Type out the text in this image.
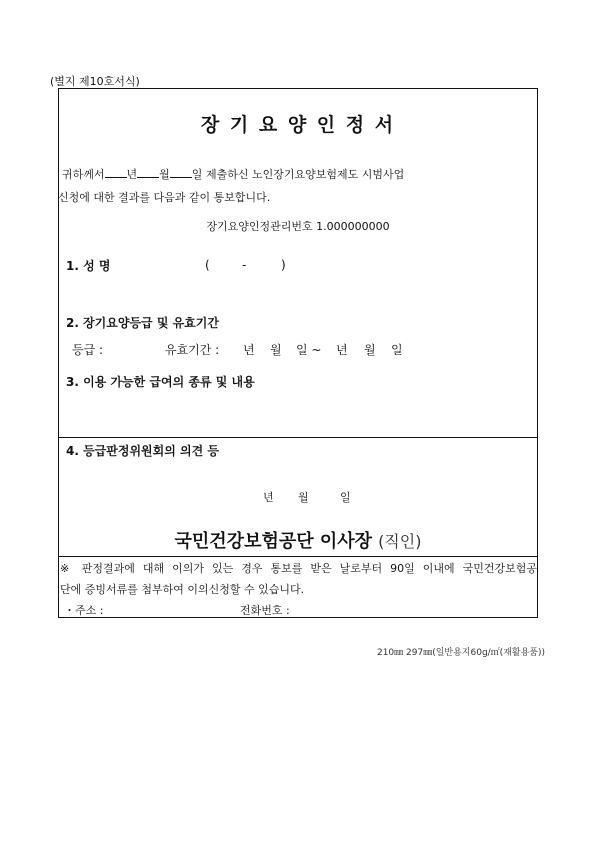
(별지 제10호서식)
장 기 요 양 인 정 서
귀하께서 년 월 일 제출하신 노인장기요양보험제도 시범사업
신청에 대한 결과를 다음과 같이 통보합니다.
장기요양인정관리번호 1.000000000
1. 성 명	(	-	)
2. 장기요양등급 및 유효기간
등급 :	유효기간 : 년 월 일 ~ 년 월 일
3. 이용 가능한 급여의 종류 및 내용
4. 등급판정위원회의 의견 등
년 월	일
국민건강보험공단 이사장 (직인)
※ 판정결과에 대해 이의가 있는 경우 통보를 받은 날로부터 90일 이내에 국민건강보험공
단에 증빙서류를 첨부하여 이의신청할 수 있습니다.
・주소 :	전화번호 :
210㎜ 297㎜(일반용지60g/㎡(재활용품))
